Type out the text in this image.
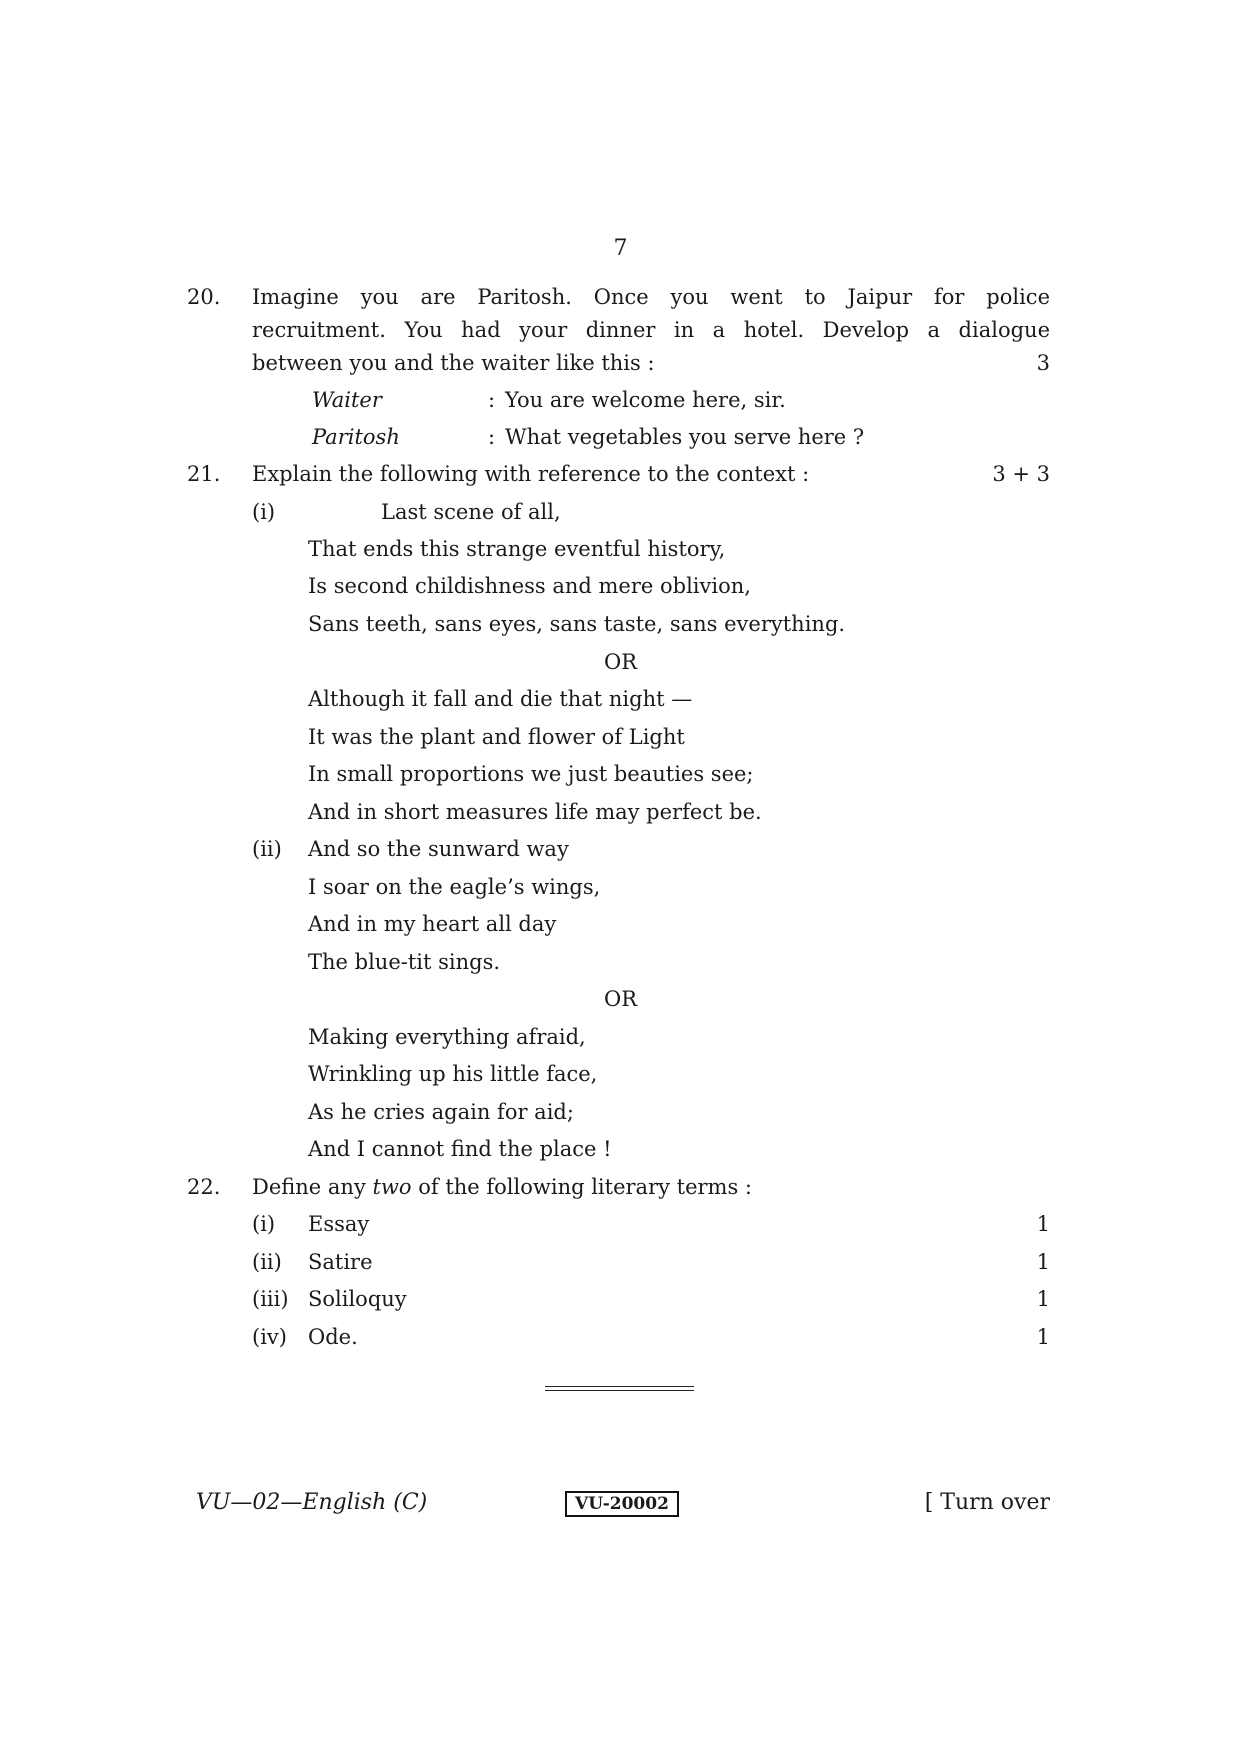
7
20. Imagine you are Paritosh. Once you went to Jaipur for police
recruitment. You had your dinner in a hotel. Develop a dialogue
between you and the waiter like this :	3
Waiter	: You are welcome here, sir.
Paritosh	: What vegetables you serve here ?
21. Explain the following with reference to the context :	3 + 3
(i)	Last scene of all,
That ends this strange eventful history,
Is second childishness and mere oblivion,
Sans teeth, sans eyes, sans taste, sans everything.
OR
Although it fall and die that night —
It was the plant and flower of Light
In small proportions we just beauties see;
And in short measures life may perfect be.
(ii) And so the sunward way
I soar on the eagle’s wings,
And in my heart all day
The blue-tit sings.
OR
Making everything afraid,
Wrinkling up his little face,
As he cries again for aid;
And I cannot find the place !
22. Define any two of the following literary terms :
(i) Essay	1
(ii) Satire	1
(iii) Soliloquy	1
(iv) Ode.	1
VU—02—English (C)	VU-20002	[ Turn over
